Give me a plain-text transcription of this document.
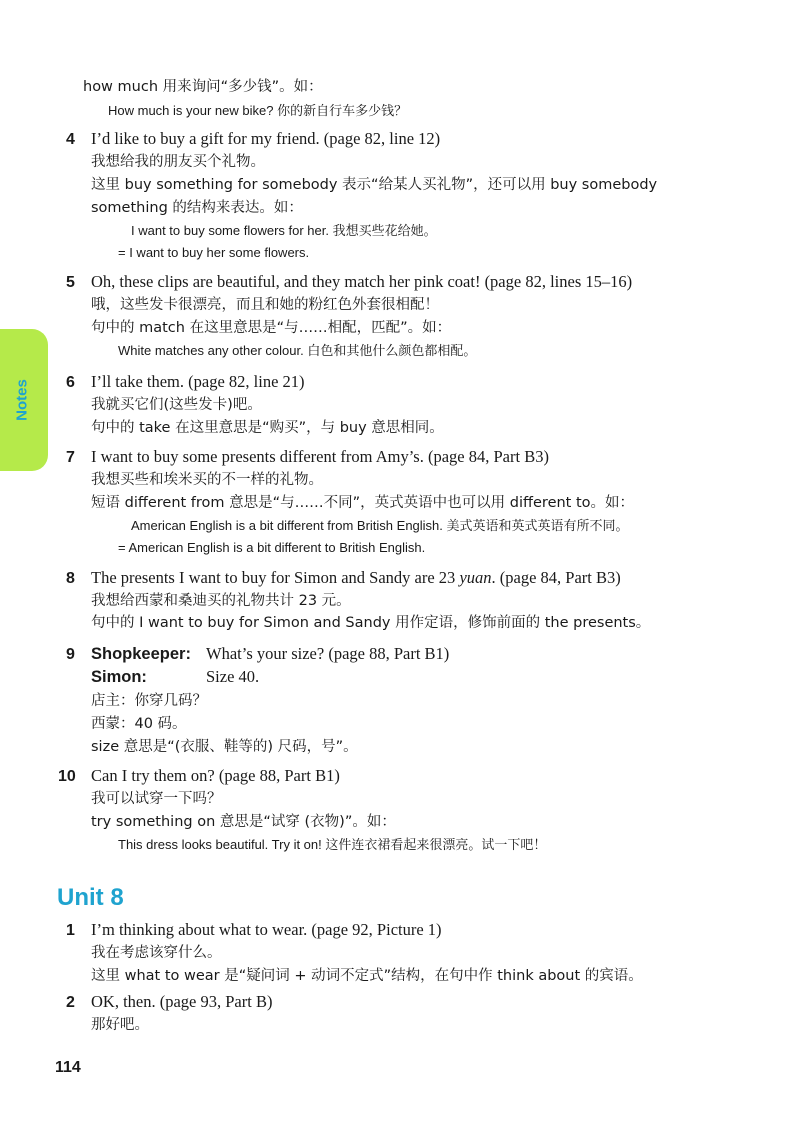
Notes
how much 用来询问“多少钱”。如：
How much is your new bike? 你的新自行车多少钱？
4 I’d like to buy a gift for my friend. (page 82, line 12)
我想给我的朋友买个礼物。
这里 buy something for somebody 表示“给某人买礼物”，还可以用 buy somebody
something 的结构来表达。如：
I want to buy some flowers for her. 我想买些花给她。
= I want to buy her some flowers.
5 Oh, these clips are beautiful, and they match her pink coat! (page 82, lines 15–16)
哦，这些发卡很漂亮，而且和她的粉红色外套很相配！
句中的 match 在这里意思是“与……相配，匹配”。如：
White matches any other colour. 白色和其他什么颜色都相配。
6 I’ll take them. (page 82, line 21)
我就买它们(这些发卡)吧。
句中的 take 在这里意思是“购买”，与 buy 意思相同。
7 I want to buy some presents different from Amy’s. (page 84, Part B3)
我想买些和埃米买的不一样的礼物。
短语 different from 意思是“与……不同”，英式英语中也可以用 different to。如：
American English is a bit different from British English. 美式英语和英式英语有所不同。
= American English is a bit different to British English.
8 The presents I want to buy for Simon and Sandy are 23 yuan. (page 84, Part B3)
我想给西蒙和桑迪买的礼物共计 23 元。
句中的 I want to buy for Simon and Sandy 用作定语，修饰前面的 the presents。
9 Shopkeeper: What’s your size? (page 88, Part B1)
Simon:	Size 40.
店主：你穿几码？
西蒙：40 码。
size 意思是“(衣服、鞋等的) 尺码，号”。
10 Can I try them on? (page 88, Part B1)
我可以试穿一下吗？
try something on 意思是“试穿 (衣物)”。如：
This dress looks beautiful. Try it on! 这件连衣裙看起来很漂亮。试一下吧！
Unit 8
1 I’m thinking about what to wear. (page 92, Picture 1)
我在考虑该穿什么。
这里 what to wear 是“疑问词 + 动词不定式”结构，在句中作 think about 的宾语。
2 OK, then. (page 93, Part B)
那好吧。
114
